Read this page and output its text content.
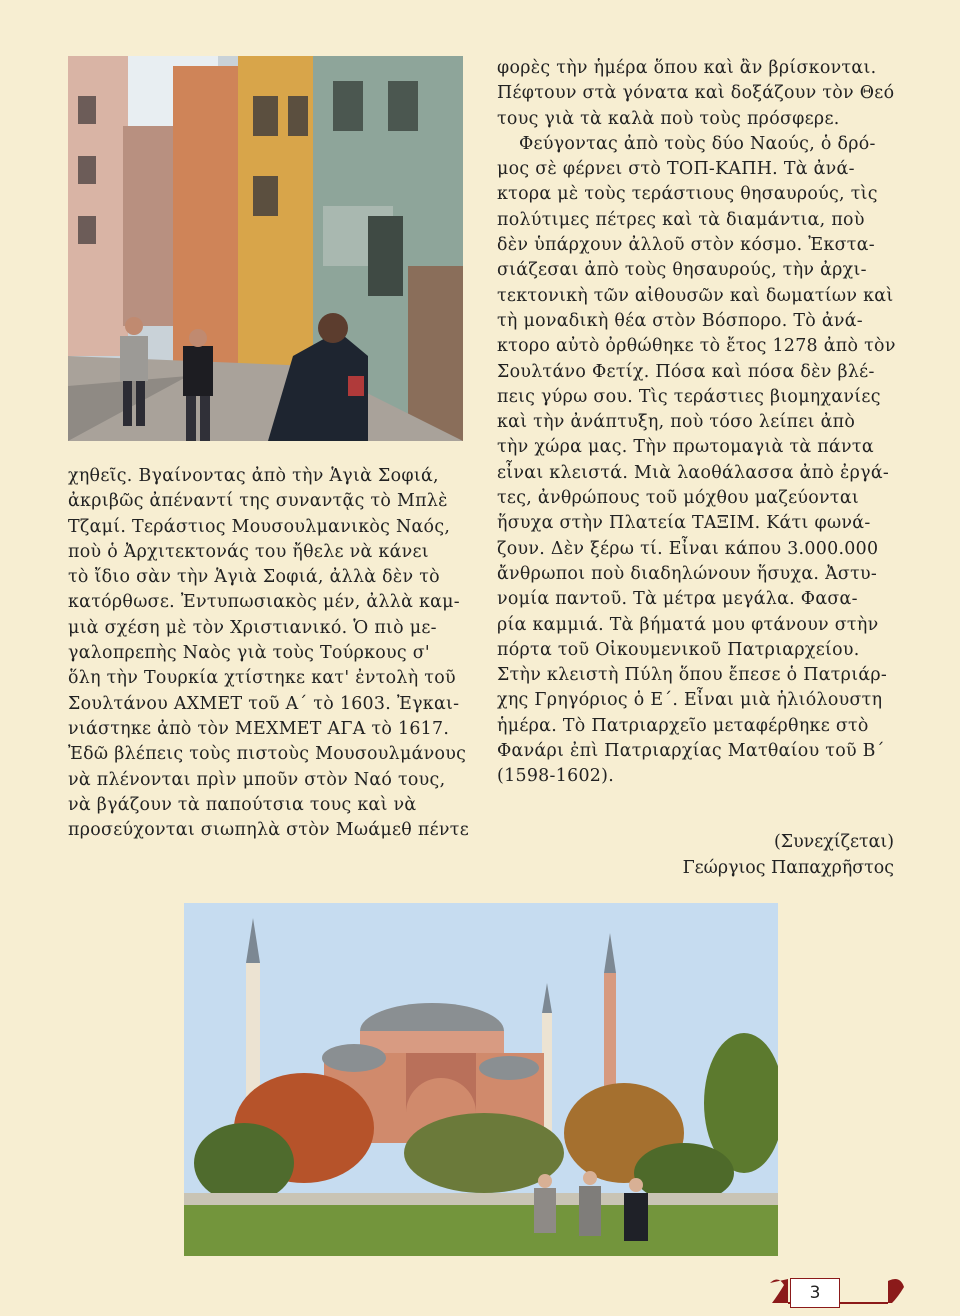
χηθεῖς. Βγαίνοντας ἀπὸ τὴν Ἁγιὰ Σοφιά,

ἀκριβῶς ἀπέναντί της συναντᾷς τὸ Μπλὲ

Τζαμί. Τεράστιος Μουσουλμανικὸς Ναός,

ποὺ ὁ Ἀρχιτεκτονάς του ἤθελε νὰ κάνει

τὸ ἴδιο σὰν τὴν Ἁγιὰ Σοφιά, ἀλλὰ δὲν τὸ

κατόρθωσε. Ἐντυπωσιακὸς μέν, ἀλλὰ καμ-

μιὰ σχέση μὲ τὸν Χριστιανικό. Ὁ πιὸ με-

γαλοπρεπὴς Ναὸς γιὰ τοὺς Τούρκους σ'

ὅλη τὴν Τουρκία χτίστηκε κατ' ἐντολὴ τοῦ

Σουλτάνου ΑΧΜΕΤ τοῦ Α΄ τὸ 1603. Ἐγκαι-

νιάστηκε ἀπὸ τὸν ΜΕΧΜΕΤ ΑΓΑ τὸ 1617.

Ἐδῶ βλέπεις τοὺς πιστοὺς Μουσουλμάνους

νὰ πλένονται πρὶν μποῦν στὸν Ναό τους,

νὰ βγάζουν τὰ παπούτσια τους καὶ νὰ

προσεύχονται σιωπηλὰ στὸν Μωάμεθ πέντε

φορὲς τὴν ἡμέρα ὅπου καὶ ἂν βρίσκονται.

Πέφτουν στὰ γόνατα καὶ δοξάζουν τὸν Θεό

τους γιὰ τὰ καλὰ ποὺ τοὺς πρόσφερε.

Φεύγοντας ἀπὸ τοὺς δύο Ναούς, ὁ δρό-

μος σὲ φέρνει στὸ ΤΟΠ-ΚΑΠΗ. Τὰ ἀνά-

κτορα μὲ τοὺς τεράστιους θησαυρούς, τὶς

πολύτιμες πέτρες καὶ τὰ διαμάντια, ποὺ

δὲν ὑπάρχουν ἀλλοῦ στὸν κόσμο. Ἐκστα-

σιάζεσαι ἀπὸ τοὺς θησαυρούς, τὴν ἀρχι-

τεκτονικὴ τῶν αἰθουσῶν καὶ δωματίων καὶ

τὴ μοναδικὴ θέα στὸν Βόσπορο. Τὸ ἀνά-

κτορο αὐτὸ ὀρθώθηκε τὸ ἔτος 1278 ἀπὸ τὸν

Σουλτάνο Φετίχ. Πόσα καὶ πόσα δὲν βλέ-

πεις γύρω σου. Τὶς τεράστιες βιομηχανίες

καὶ τὴν ἀνάπτυξη, ποὺ τόσο λείπει ἀπὸ

τὴν χώρα μας. Τὴν πρωτομαγιὰ τὰ πάντα

εἶναι κλειστά. Μιὰ λαοθάλασσα ἀπὸ ἐργά-

τες, ἀνθρώπους τοῦ μόχθου μαζεύονται

ἥσυχα στὴν Πλατεία ΤΑΞΙΜ. Κάτι φωνά-

ζουν. Δὲν ξέρω τί. Εἶναι κάπου 3.000.000

ἄνθρωποι ποὺ διαδηλώνουν ἥσυχα. Ἀστυ-

νομία παντοῦ. Τὰ μέτρα μεγάλα. Φασα-

ρία καμμιά. Τὰ βήματά μου φτάνουν στὴν

πόρτα τοῦ Οἰκουμενικοῦ Πατριαρχείου.

Στὴν κλειστὴ Πύλη ὅπου ἔπεσε ὁ Πατριάρ-

χης Γρηγόριος ὁ Ε΄. Εἶναι μιὰ ἡλιόλουστη

ἡμέρα. Τὸ Πατριαρχεῖο μεταφέρθηκε στὸ

Φανάρι ἐπὶ Πατριαρχίας Ματθαίου τοῦ Β΄

(1598-1602).

(Συνεχίζεται)
Γεώργιος Παπαχρῆστος
3
